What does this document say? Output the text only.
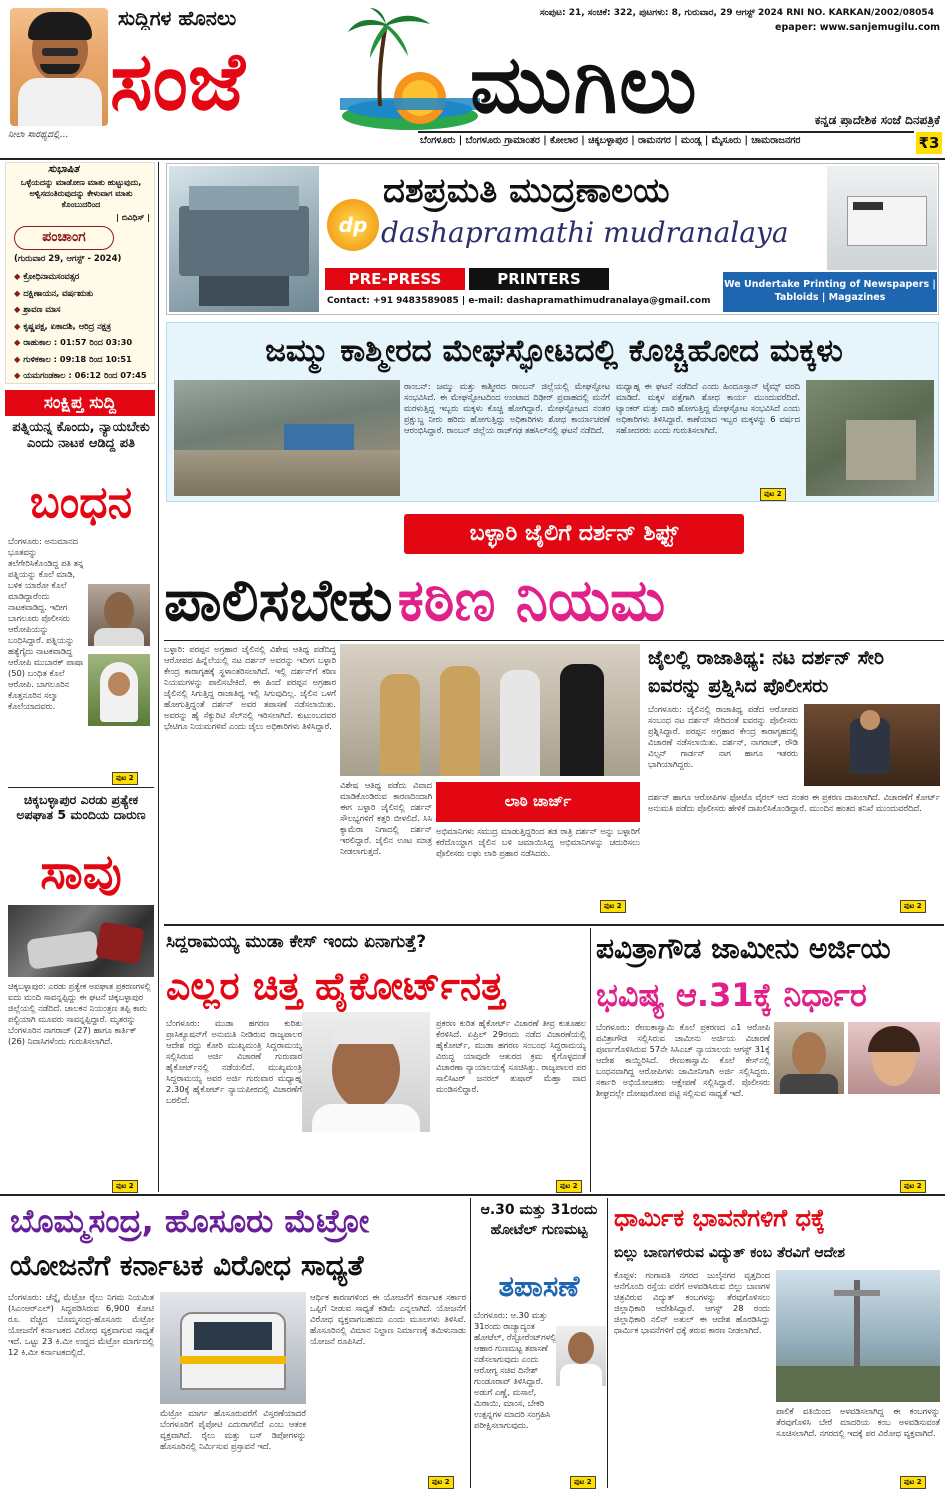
ನೀಲಾ ಸಾರಥ್ಯದಲ್ಲಿ...
ಸುದ್ದಿಗಳ ಹೊನಲು
ಸಂಜೆ	ಮುಗಿಲು
ಸಂಪುಟ: 21, ಸಂಚಿಕೆ: 322, ಪುಟಗಳು: 8, ಗುರುವಾರ, 29 ಆಗಸ್ಟ್ 2024 RNI NO. KARKAN/2002/08054
epaper: www.sanjemugilu.com
ಕನ್ನಡ ಪ್ರಾದೇಶಿಕ ಸಂಜೆ ದಿನಪತ್ರಿಕೆ
ಬೆಂಗಳೂರು | ಬೆಂಗಳೂರು ಗ್ರಾಮಾಂತರ | ಕೋಲಾರ | ಚಿಕ್ಕಬಳ್ಳಾಪುರ | ರಾಮನಗರ | ಮಂಡ್ಯ | ಮೈಸೂರು | ಚಾಮರಾಜನಗರ	₹3
ಸುಭಾಷಿತ
ಒಳ್ಳೆಯದನ್ನು ಮಾಡೋಣ ಮಾತು ಹುಟ್ಟುವುದು, ಅಳ್ವಿಸದಂತಿರುವುದನ್ನು ಕೇಳುವಾಗ ಮಾತು ಕೊಂಬುದರಿಂದ
| ಬಿವಿಧಿಸ್ |
ಪಂಚಾಂಗ
(ಗುರುವಾರ 29, ಆಗಸ್ಟ್ - 2024)
◆ ಕ್ರೋಧಿನಾಮಸಂವತ್ಸರ
◆ ದಕ್ಷಿಣಾಯನ, ವರ್ಷಋತು
◆ ಶ್ರಾವಣ ಮಾಸ
◆ ಕೃಷ್ಣಪಕ್ಷ, ಏಕಾದಶಿ, ಆರಿದ್ರ ನಕ್ಷತ್ರ
◆ ರಾಹುಕಾಲ : 01:57 ರಿಂದ 03:30
◆ ಗುಳಿಕಕಾಲ : 09:18 ರಿಂದ 10:51
◆ ಯಮಗಂಡಕಾಲ : 06:12 ರಿಂದ 07:45
ಸಂಕ್ಷಿಪ್ತ ಸುದ್ದಿ
ಪತ್ನಿಯನ್ನ ಕೊಂದು, ನ್ಯಾಯಬೇಕು ಎಂದು ನಾಟಕ ಆಡಿದ್ದ ಪತಿ
ಬಂಧನ
ಬೆಂಗಳೂರು: ಅನುಮಾನದ ಭೂತವನ್ನು ತಲೆಗೇರಿಸಿಕೊಂಡಿದ್ದ ಪತಿ ತನ್ನ ಪತ್ನಿಯನ್ನು ಕೊಲೆ ಮಾಡಿ, ಬಳಿಕ ಯಾರೋ ಕೊಲೆ ಮಾಡಿದ್ದಾರೆಂದು ನಾಟಕವಾಡಿದ್ದ. ಇದೀಗ ಬಾಗಲೂರು ಪೊಲೀಸರು ಆರೋಪಿಯನ್ನು ಬಂಧಿಸಿದ್ದಾರೆ. ಪತ್ನಿಯನ್ನು ಹತ್ಯೆಗೈದು ನಾಟಕವಾಡಿದ್ದ ಆರೋಪಿ ಮುಬಾರಕ್ ಪಾಷಾ (50) ಬಂಧಿತ ಕೊಲೆ ಆರೋಪಿ. ಬಾಗಲೂರಿನ ಕೊತ್ತನೂರಿನ ಸಲ್ಮಾ ಕೊಲೆಯಾದವರು.
ಪುಟ 2
ಚಿಕ್ಕಬಳ್ಳಾಪುರ ಎರಡು ಪ್ರತ್ಯೇಕ ಅಪಘಾತ 5 ಮಂದಿಯ ದಾರುಣ
ಸಾವು
ಚಿಕ್ಕಬಳ್ಳಾಪುರ: ಎರಡು ಪ್ರತ್ಯೇಕ ಅಪಘಾತ ಪ್ರಕರಣಗಳಲ್ಲಿ ಐದು ಮಂದಿ ಸಾವನ್ನಪ್ಪಿದ್ದು ಈ ಘಟನೆ ಚಿಕ್ಕಬಳ್ಳಾಪುರ ಜಿಲ್ಲೆಯಲ್ಲಿ ನಡೆದಿದೆ. ಚಾಲಕನ ನಿಯಂತ್ರಣ ತಪ್ಪಿ ಕಾರು ಪಲ್ಟಿಯಾಗಿ ಮೂವರು ಸಾವನ್ನಪ್ಪಿದ್ದಾರೆ. ಮೃತರನ್ನು ಬೆಂಗಳೂರಿನ ನಾಗರಾಜ್ (27) ಹಾಗೂ ಕಾರ್ತಿಕ್ (26) ನಿವಾಸಿಗಳೆಂದು ಗುರುತಿಸಲಾಗಿದೆ.
ಪುಟ 2
dp
ದಶಪ್ರಮತಿ ಮುದ್ರಣಾಲಯ
dashapramathi mudranalaya
PRE-PRESS	PRINTERS
Contact: +91 9483589085 | e-mail: dashapramathimudranalaya@gmail.com
We Undertake Printing of Newspapers | Tabloids | Magazines
ಜಮ್ಮು ಕಾಶ್ಮೀರದ ಮೇಘಸ್ಫೋಟದಲ್ಲಿ ಕೊಚ್ಚಿಹೋದ ಮಕ್ಕಳು
ರಾಂಬನ್: ಜಮ್ಮು ಮತ್ತು ಕಾಶ್ಮೀರದ ರಾಂಬನ್ ಜಿಲ್ಲೆಯಲ್ಲಿ ಮೇಘಸ್ಫೋಟ ಸಂಭವಿಸಿದೆ. ಈ ಮೇಘಸ್ಫೋಟದಿಂದ ಉಂಟಾದ ದಿಢೀರ್ ಪ್ರವಾಹದಲ್ಲಿ ಮನೆಗೆ ಮರಳುತ್ತಿದ್ದ ಇಬ್ಬರು ಮಕ್ಕಳು ಕೊಚ್ಚಿ ಹೋಗಿದ್ದಾರೆ. ಮೇಘಸ್ಫೋಟದ ನಂತರ ಪ್ರಕ್ಷುಬ್ಧ ನೀರು ಹರಿದು ಹೋಗುತ್ತಿದ್ದು ಅಧಿಕಾರಿಗಳು ಶೋಧ ಕಾರ್ಯಾಚರಣೆ ಆರಂಭಿಸಿದ್ದಾರೆ. ರಾಂಬನ್ ಜಿಲ್ಲೆಯ ರಾಜ್‌ಗಢ ತಹಸಿಲ್‌ನಲ್ಲಿ ಘಟನೆ ನಡೆದಿದೆ.
ಮಧ್ಯಾಹ್ನ ಈ ಘಟನೆ ನಡೆದಿದೆ ಎಂದು ಹಿಂದೂಸ್ತಾನ್ ಟೈಮ್ಸ್ ವರದಿ ಮಾಡಿದೆ. ಮಕ್ಕಳ ಪತ್ತೆಗಾಗಿ ಶೋಧ ಕಾರ್ಯ ಮುಂದುವರೆದಿದೆ. ಟ್ಯಾಂಕರ್ ಮತ್ತು ದಾರಿ ಹೋಗುತ್ತಿದ್ದ ಮೇಘಸ್ಫೋಟ ಸಂಭವಿಸಿದೆ ಎಂದು ಅಧಿಕಾರಿಗಳು ತಿಳಿಸಿದ್ದಾರೆ. ಕಾಣೆಯಾದ ಇಬ್ಬರ ಮಕ್ಕಳನ್ನು 6 ವರ್ಷದ ಸಹೋದರರು ಎಂದು ಗುರುತಿಸಲಾಗಿದೆ.
ಪುಟ 2
ಬಳ್ಳಾರಿ ಜೈಲಿಗೆ ದರ್ಶನ್ ಶಿಫ್ಟ್
ಪಾಲಿಸಬೇಕು ಕಠಿಣ ನಿಯಮ
ಬಳ್ಳಾರಿ: ಪರಪ್ಪನ ಅಗ್ರಹಾರ ಜೈಲಿನಲ್ಲಿ ವಿಶೇಷ ಆತಿಥ್ಯ ಪಡೆದಿದ್ದ ಆರೋಪದ ಹಿನ್ನೆಲೆಯಲ್ಲಿ ನಟ ದರ್ಶನ್ ಅವರನ್ನು ಇದೀಗ ಬಳ್ಳಾರಿ ಕೇಂದ್ರ ಕಾರಾಗೃಹಕ್ಕೆ ಸ್ಥಳಾಂತರಿಸಲಾಗಿದೆ. ಇಲ್ಲಿ ದರ್ಶನ್‌ಗೆ ಕಠಿಣ ನಿಯಮಗಳನ್ನು ಪಾಲಿಸಬೇಕಿದೆ. ಈ ಹಿಂದೆ ಪರಪ್ಪನ ಅಗ್ರಹಾರ ಜೈಲಿನಲ್ಲಿ ಸಿಗುತ್ತಿದ್ದ ರಾಜಾತಿಥ್ಯ ಇಲ್ಲಿ ಸಿಗುವುದಿಲ್ಲ. ಜೈಲಿನ ಒಳಗೆ ಹೋಗುತ್ತಿದ್ದಂತೆ ದರ್ಶನ್ ಅವರ ತಪಾಸಣೆ ನಡೆಸಲಾಯಿತು. ಅವರನ್ನು ಹೈ ಸೆಕ್ಯುರಿಟಿ ಸೆಲ್‌ನಲ್ಲಿ ಇರಿಸಲಾಗಿದೆ. ಕುಟುಂಬದವರ ಭೇಟಿಗೂ ನಿಯಮಗಳಿವೆ ಎಂದು ಜೈಲು ಅಧಿಕಾರಿಗಳು ತಿಳಿಸಿದ್ದಾರೆ.
ವಿಶೇಷ ಆತಿಥ್ಯ ಪಡೆದು ವಿವಾದ ಮಾಡಿಕೊಂಡಿರುವ ಕಾರಣದಿಂದಾಗಿ ಈಗ ಬಳ್ಳಾರಿ ಜೈಲಿನಲ್ಲಿ ದರ್ಶನ್ ಸೌಲಭ್ಯಗಳಿಗೆ ಕತ್ತರಿ ಬೀಳಲಿದೆ. ಸಿಸಿ ಕ್ಯಾಮೆರಾ ನಿಗಾದಲ್ಲಿ ದರ್ಶನ್ ಇರಲಿದ್ದಾರೆ. ಜೈಲಿನ ಊಟ ಮಾತ್ರ ನೀಡಲಾಗುತ್ತದೆ.
ಲಾಠಿ ಚಾರ್ಜ್
ಅಭಿಮಾನಿಗಳು ಸಮುದ್ರ ಮಾಡುತ್ತಿದ್ದರಿಂದ ತಡ ರಾತ್ರಿ ದರ್ಶನ್ ಅನ್ನು ಬಳ್ಳಾರಿಗೆ ಕರೆದೊಯ್ದಾಗ ಜೈಲಿನ ಬಳಿ ಜಮಾಯಿಸಿದ್ದ ಅಭಿಮಾನಿಗಳನ್ನು ಚದುರಿಸಲು ಪೊಲೀಸರು ಲಘು ಲಾಠಿ ಪ್ರಹಾರ ನಡೆಸಿದರು.
ಪುಟ 2
ಜೈಲಲ್ಲಿ ರಾಜಾತಿಥ್ಯ: ನಟ ದರ್ಶನ್ ಸೇರಿ ಐವರನ್ನು ಪ್ರಶ್ನಿಸಿದ ಪೊಲೀಸರು
ಬೆಂಗಳೂರು: ಜೈಲಿನಲ್ಲಿ ರಾಜಾತಿಥ್ಯ ಪಡೆದ ಆರೋಪದ ಸಂಬಂಧ ನಟ ದರ್ಶನ್ ಸೇರಿದಂತೆ ಐವರನ್ನು ಪೊಲೀಸರು ಪ್ರಶ್ನಿಸಿದ್ದಾರೆ. ಪರಪ್ಪನ ಅಗ್ರಹಾರ ಕೇಂದ್ರ ಕಾರಾಗೃಹದಲ್ಲಿ ವಿಚಾರಣೆ ನಡೆಸಲಾಯಿತು. ದರ್ಶನ್, ನಾಗರಾಜ್, ರೌಡಿ ವಿಲ್ಸನ್ ಗಾರ್ಡನ್ ನಾಗ ಹಾಗೂ ಇತರರು ಭಾಗಿಯಾಗಿದ್ದರು.
ದರ್ಶನ್ ಹಾಗೂ ಆರೋಪಿಗಳ ಫೋಟೊ ವೈರಲ್ ಆದ ನಂತರ ಈ ಪ್ರಕರಣ ದಾಖಲಾಗಿದೆ. ವಿಚಾರಣೆಗೆ ಕೋರ್ಟ್ ಅನುಮತಿ ಪಡೆದು ಪೊಲೀಸರು ಹೇಳಿಕೆ ದಾಖಲಿಸಿಕೊಂಡಿದ್ದಾರೆ. ಮುಂದಿನ ಹಂತದ ತನಿಖೆ ಮುಂದುವರೆದಿದೆ.
ಪುಟ 2
ಸಿದ್ದರಾಮಯ್ಯ ಮುಡಾ ಕೇಸ್ ಇಂದು ಏನಾಗುತ್ತೆ?
ಎಲ್ಲರ ಚಿತ್ತ ಹೈಕೋರ್ಟ್‌ನತ್ತ
ಬೆಂಗಳೂರು: ಮುಡಾ ಹಗರಣ ಕುರಿತು ಪ್ರಾಸಿಕ್ಯೂಷನ್‌ಗೆ ಅನುಮತಿ ನೀಡಿರುವ ರಾಜ್ಯಪಾಲರ ಆದೇಶ ರದ್ದು ಕೋರಿ ಮುಖ್ಯಮಂತ್ರಿ ಸಿದ್ದರಾಮಯ್ಯ ಸಲ್ಲಿಸಿರುವ ಅರ್ಜಿ ವಿಚಾರಣೆ ಗುರುವಾರ ಹೈಕೋರ್ಟ್‌ನಲ್ಲಿ ನಡೆಯಲಿದೆ. ಮುಖ್ಯಮಂತ್ರಿ ಸಿದ್ದರಾಮಯ್ಯ ಅವರ ಅರ್ಜಿ ಗುರುವಾರ ಮಧ್ಯಾಹ್ನ 2.30ಕ್ಕೆ ಹೈಕೋರ್ಟ್ ನ್ಯಾಯಪೀಠದಲ್ಲಿ ವಿಚಾರಣೆಗೆ ಬರಲಿದೆ.
ಪ್ರಕರಣ ಕುರಿತ ಹೈಕೋರ್ಟ್ ವಿಚಾರಣೆ ತೀವ್ರ ಕುತೂಹಲ ಕೆರಳಿಸಿದೆ. ಏಪ್ರಿಲ್ 29ರಂದು ನಡೆದ ವಿಚಾರಣೆಯಲ್ಲಿ ಹೈಕೋರ್ಟ್, ಮುಡಾ ಹಗರಣ ಸಂಬಂಧ ಸಿದ್ದರಾಮಯ್ಯ ವಿರುದ್ಧ ಯಾವುದೇ ಆತುರದ ಕ್ರಮ ಕೈಗೊಳ್ಳದಂತೆ ವಿಚಾರಣಾ ನ್ಯಾಯಾಲಯಕ್ಕೆ ಸೂಚಿಸಿತ್ತು. ರಾಜ್ಯಪಾಲರ ಪರ ಸಾಲಿಸಿಟರ್ ಜನರಲ್ ತುಷಾರ್ ಮೆಹ್ತಾ ವಾದ ಮಂಡಿಸಲಿದ್ದಾರೆ.
ಪುಟ 2
ಪವಿತ್ರಾಗೌಡ ಜಾಮೀನು ಅರ್ಜಿಯ
ಭವಿಷ್ಯ ಆ.31ಕ್ಕೆ ನಿರ್ಧಾರ
ಬೆಂಗಳೂರು: ರೇಣುಕಾಸ್ವಾಮಿ ಕೊಲೆ ಪ್ರಕರಣದ ಎ1 ಆರೋಪಿ ಪವಿತ್ರಾಗೌಡ ಸಲ್ಲಿಸಿರುವ ಜಾಮೀನು ಅರ್ಜಿಯ ವಿಚಾರಣೆ ಪೂರ್ಣಗೊಳಿಸಿರುವ 57ನೇ ಸಿಸಿಎಚ್ ನ್ಯಾಯಾಲಯ ಆಗಸ್ಟ್ 31ಕ್ಕೆ ಆದೇಶ ಕಾಯ್ದಿರಿಸಿದೆ. ರೇಣುಕಾಸ್ವಾಮಿ ಕೊಲೆ ಕೇಸ್‌ನಲ್ಲಿ ಬಂಧನವಾಗಿದ್ದ ಆರೋಪಿಗಳು ಜಾಮೀನಿಗಾಗಿ ಅರ್ಜಿ ಸಲ್ಲಿಸಿದ್ದರು. ಸರ್ಕಾರಿ ಅಭಿಯೋಜಕರು ಆಕ್ಷೇಪಣೆ ಸಲ್ಲಿಸಿದ್ದಾರೆ. ಪೊಲೀಸರು ಶೀಘ್ರದಲ್ಲೇ ದೋಷಾರೋಪ ಪಟ್ಟಿ ಸಲ್ಲಿಸುವ ಸಾಧ್ಯತೆ ಇದೆ.
ಪುಟ 2
ಬೊಮ್ಮಸಂದ್ರ, ಹೊಸೂರು ಮೆಟ್ರೋ
ಯೋಜನೆಗೆ ಕರ್ನಾಟಕ ವಿರೋಧ ಸಾಧ್ಯತೆ
ಬೆಂಗಳೂರು: ಚೆನ್ನೈ ಮೆಟ್ರೋ ರೈಲು ನಿಗಮ ನಿಯಮಿತ (ಸಿಎಂಆರ್‌ಎಲ್) ಸಿದ್ಧಪಡಿಸಿರುವ 6,900 ಕೋಟಿ ರೂ. ವೆಚ್ಚದ ಬೊಮ್ಮಸಂದ್ರ-ಹೊಸೂರು ಮೆಟ್ರೋ ಯೋಜನೆಗೆ ಕರ್ನಾಟಕದ ವಿರೋಧ ವ್ಯಕ್ತವಾಗುವ ಸಾಧ್ಯತೆ ಇದೆ. ಒಟ್ಟು 23 ಕಿ.ಮೀ ಉದ್ದದ ಮೆಟ್ರೋ ಮಾರ್ಗದಲ್ಲಿ 12 ಕಿ.ಮೀ ಕರ್ನಾಟಕದಲ್ಲಿದೆ.
ಆರ್ಥಿಕ ಕಾರಣಗಳಿಂದ ಈ ಯೋಜನೆಗೆ ಕರ್ನಾಟಕ ಸರ್ಕಾರ ಒಪ್ಪಿಗೆ ನೀಡುವ ಸಾಧ್ಯತೆ ಕಡಿಮೆ ಎನ್ನಲಾಗಿದೆ. ಯೋಜನೆಗೆ ವಿರೋಧ ವ್ಯಕ್ತವಾಗಬಹುದು ಎಂದು ಮೂಲಗಳು ತಿಳಿಸಿವೆ. ಹೊಸೂರಿನಲ್ಲಿ ವಿಮಾನ ನಿಲ್ದಾಣ ನಿರ್ಮಾಣಕ್ಕೆ ತಮಿಳುನಾಡು ಯೋಜನೆ ರೂಪಿಸಿದೆ.
ಮೆಟ್ರೋ ಮಾರ್ಗ ಹೊಸೂರುವರೆಗೆ ವಿಸ್ತರಣೆಯಾದರೆ ಬೆಂಗಳೂರಿಗೆ ಪೈಪೋಟಿ ಎದುರಾಗಲಿದೆ ಎಂಬ ಆತಂಕ ವ್ಯಕ್ತವಾಗಿದೆ. ರೈಲು ಮತ್ತು ಬಸ್ ಡಿಪೋಗಳನ್ನು ಹೊಸೂರಿನಲ್ಲಿ ನಿರ್ಮಿಸುವ ಪ್ರಸ್ತಾವನೆ ಇದೆ.
ಪುಟ 2
ಆ.30 ಮತ್ತು 31ರಂದು ಹೋಟೆಲ್ ಗುಣಮಟ್ಟ
ತಪಾಸಣೆ
ಬೆಂಗಳೂರು: ಆ.30 ಮತ್ತು 31ರಂದು ರಾಜ್ಯಾದ್ಯಂತ ಹೋಟೆಲ್, ರೆಸ್ಟೋರೆಂಟ್‌ಗಳಲ್ಲಿ ಆಹಾರ ಗುಣಮಟ್ಟ ತಪಾಸಣೆ ನಡೆಸಲಾಗುವುದು ಎಂದು ಆರೋಗ್ಯ ಸಚಿವ ದಿನೇಶ್ ಗುಂಡೂರಾವ್ ತಿಳಿಸಿದ್ದಾರೆ. ಅಡುಗೆ ಎಣ್ಣೆ, ಮಸಾಲೆ, ಮಿಠಾಯಿ, ಮಾಂಸ, ಬೇಕರಿ ಉತ್ಪನ್ನಗಳ ಮಾದರಿ ಸಂಗ್ರಹಿಸಿ ಪರೀಕ್ಷಿಸಲಾಗುವುದು.
ಪುಟ 2
ಧಾರ್ಮಿಕ ಭಾವನೆಗಳಿಗೆ ಧಕ್ಕೆ
ಬಿಲ್ಲು ಬಾಣಗಳಿರುವ ವಿದ್ಯುತ್ ಕಂಬ ತೆರವಿಗೆ ಆದೇಶ
ಕೊಪ್ಪಳ: ಗಂಗಾವತಿ ನಗರದ ಜುಲೈನಗರ ವೃತ್ತದಿಂದ ಆನೆಗೊಂದಿ ರಸ್ತೆಯ ವರೆಗೆ ಅಳವಡಿಸಿರುವ ಬಿಲ್ಲು ಬಾಣಗಳ ಚಿತ್ರವಿರುವ ವಿದ್ಯುತ್ ಕಂಬಗಳನ್ನು ತೆರವುಗೊಳಿಸಲು ಜಿಲ್ಲಾಧಿಕಾರಿ ಆದೇಶಿಸಿದ್ದಾರೆ. ಆಗಸ್ಟ್ 28 ರಂದು ಜಿಲ್ಲಾಧಿಕಾರಿ ನಲಿನ್ ಅತುಲ್ ಈ ಆದೇಶ ಹೊರಡಿಸಿದ್ದು ಧಾರ್ಮಿಕ ಭಾವನೆಗಳಿಗೆ ಧಕ್ಕೆ ತರುವ ಕಾರಣ ನೀಡಲಾಗಿದೆ.
ಪಾಲಿಕೆ ವತಿಯಿಂದ ಅಳವಡಿಸಲಾಗಿದ್ದ ಈ ಕಂಬಗಳನ್ನು ತೆರವುಗೊಳಿಸಿ ಬೇರೆ ಮಾದರಿಯ ಕಂಬ ಅಳವಡಿಸುವಂತೆ ಸೂಚಿಸಲಾಗಿದೆ. ನಗರದಲ್ಲಿ ಇದಕ್ಕೆ ಪರ ವಿರೋಧ ವ್ಯಕ್ತವಾಗಿದೆ.
ಪುಟ 2
